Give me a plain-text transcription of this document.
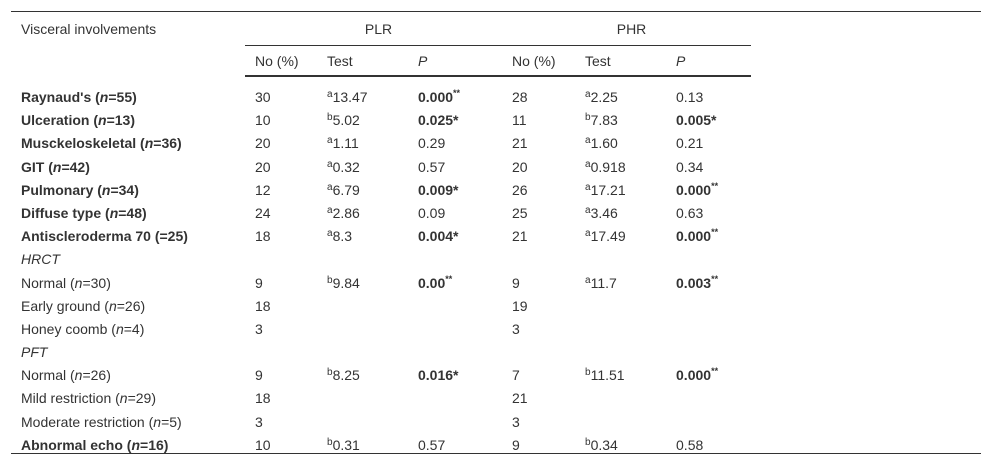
Visceral involvements	PLR			PHR			
	No (%)	Test	P	No (%)	Test	P	
Raynaud's (n=55)	30	$^a$13.47	0.000**	28	$^a$2.25	0.13	
Ulceration (n=13)	10	$^b$5.02	0.025*	11	$^b$7.83	0.005*	
Musckeloskeletal (n=36)	20	$^a$1.11	0.29	21	$^a$1.60	0.21	
GIT (n=42)	20	$^a$0.32	0.57	20	$^a$0.918	0.34	
Pulmonary (n=34)	12	$^a$6.79	0.009*	26	$^a$17.21	0.000**	
Diffuse type (n=48)	24	$^a$2.86	0.09	25	$^a$3.46	0.63	
Antiscleroderma 70 (=25)	18	$^a$8.3	0.004*	21	$^a$17.49	0.000**	
HRCT							
Normal (n=30)	9	$^b$9.84	0.00**	9	$^a$11.7	0.003**	
Early ground (n=26)	18			19			
Honey coomb (n=4)	3			3			
PFT							
Normal (n=26)	9	$^b$8.25	0.016*	7	$^b$11.51	0.000**	
Mild restriction (n=29)	18			21			
Moderate restriction (n=5)	3			3			
Abnormal echo (n=16)	10	$^b$0.31	0.57	9	$^b$0.34	0.58	
